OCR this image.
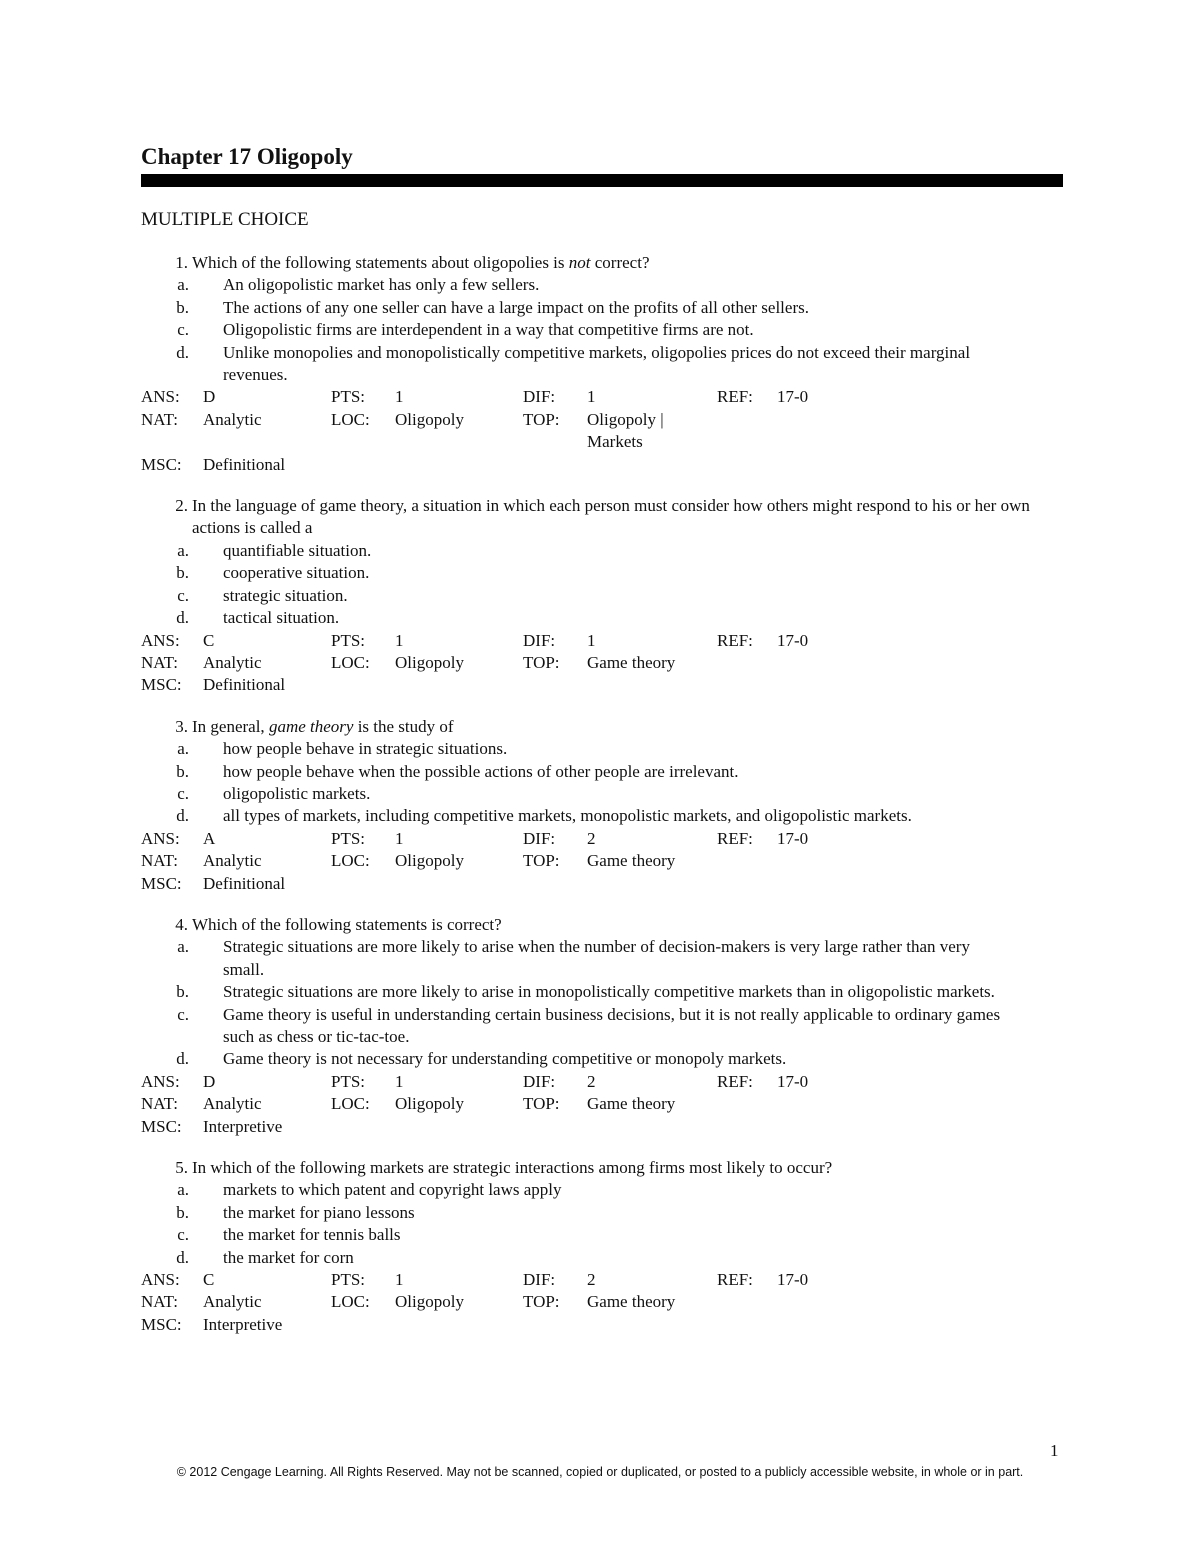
Chapter 17 Oligopoly
MULTIPLE CHOICE
1. Which of the following statements about oligopolies is not correct?
a.	An oligopolistic market has only a few sellers.
b.	The actions of any one seller can have a large impact on the profits of all other sellers.
c.	Oligopolistic firms are interdependent in a way that competitive firms are not.
d.	Unlike monopolies and monopolistically competitive markets, oligopolies prices do not exceed their marginal revenues.
ANS:	D	PTS:	1	DIF:	1	REF:	17-0
NAT:	Analytic	LOC:	Oligopoly	TOP:	Oligopoly | Markets
MSC:	Definitional
2. In the language of game theory, a situation in which each person must consider how others might respond to his or her own actions is called a
a.	quantifiable situation.
b.	cooperative situation.
c.	strategic situation.
d.	tactical situation.
ANS:	C	PTS:	1	DIF:	1	REF:	17-0
NAT:	Analytic	LOC:	Oligopoly	TOP:	Game theory
MSC:	Definitional
3. In general, game theory is the study of
a.	how people behave in strategic situations.
b.	how people behave when the possible actions of other people are irrelevant.
c.	oligopolistic markets.
d.	all types of markets, including competitive markets, monopolistic markets, and oligopolistic markets.
ANS:	A	PTS:	1	DIF:	2	REF:	17-0
NAT:	Analytic	LOC:	Oligopoly	TOP:	Game theory
MSC:	Definitional
4. Which of the following statements is correct?
a.	Strategic situations are more likely to arise when the number of decision-makers is very large rather than very small.
b.	Strategic situations are more likely to arise in monopolistically competitive markets than in oligopolistic markets.
c.	Game theory is useful in understanding certain business decisions, but it is not really applicable to ordinary games such as chess or tic-tac-toe.
d.	Game theory is not necessary for understanding competitive or monopoly markets.
ANS:	D	PTS:	1	DIF:	2	REF:	17-0
NAT:	Analytic	LOC:	Oligopoly	TOP:	Game theory
MSC:	Interpretive
5. In which of the following markets are strategic interactions among firms most likely to occur?
a.	markets to which patent and copyright laws apply
b.	the market for piano lessons
c.	the market for tennis balls
d.	the market for corn
ANS:	C	PTS:	1	DIF:	2	REF:	17-0
NAT:	Analytic	LOC:	Oligopoly	TOP:	Game theory
MSC:	Interpretive
1
© 2012 Cengage Learning. All Rights Reserved. May not be scanned, copied or duplicated, or posted to a publicly accessible website, in whole or in part.
